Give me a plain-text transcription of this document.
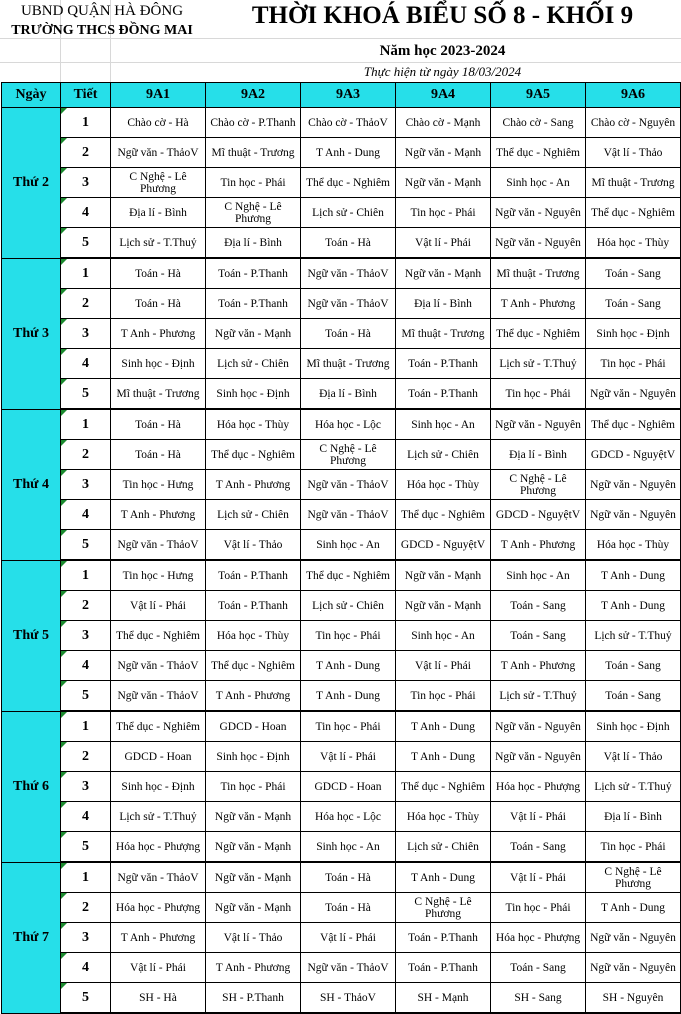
UBND QUẬN HÀ ĐÔNG
TRƯỜNG THCS ĐỒNG MAI
THỜI KHOÁ BIỂU SỐ 8 - KHỐI 9
Năm học 2023-2024
Thực hiện từ ngày 18/03/2024
Ngày	Tiết	9A1	9A2	9A3	9A4	9A5	9A6
Thứ 2	1	Chào cờ - Hà	Chào cờ - P.Thanh	Chào cờ - ThảoV	Chào cờ - Mạnh	Chào cờ - Sang	Chào cờ - Nguyên
	2	Ngữ văn - ThảoV	Mĩ thuật - Trương	T Anh - Dung	Ngữ văn - Mạnh	Thể dục - Nghiêm	Vật lí - Thảo
	3	C Nghệ - Lê Phương	Tin học - Phái	Thể dục - Nghiêm	Ngữ văn - Mạnh	Sinh học - An	Mĩ thuật - Trương
	4	Địa lí - Bình	C Nghệ - Lê Phương	Lịch sử - Chiên	Tin học - Phái	Ngữ văn - Nguyên	Thể dục - Nghiêm
	5	Lịch sử - T.Thuỷ	Địa lí - Bình	Toán - Hà	Vật lí - Phái	Ngữ văn - Nguyên	Hóa học - Thùy
Thứ 3	1	Toán - Hà	Toán - P.Thanh	Ngữ văn - ThảoV	Ngữ văn - Mạnh	Mĩ thuật - Trương	Toán - Sang
	2	Toán - Hà	Toán - P.Thanh	Ngữ văn - ThảoV	Địa lí - Bình	T Anh - Phương	Toán - Sang
	3	T Anh - Phương	Ngữ văn - Mạnh	Toán - Hà	Mĩ thuật - Trương	Thể dục - Nghiêm	Sinh học - Định
	4	Sinh học - Định	Lịch sử - Chiên	Mĩ thuật - Trương	Toán - P.Thanh	Lịch sử - T.Thuỷ	Tin học - Phái
	5	Mĩ thuật - Trương	Sinh học - Định	Địa lí - Bình	Toán - P.Thanh	Tin học - Phái	Ngữ văn - Nguyên
Thứ 4	1	Toán - Hà	Hóa học - Thùy	Hóa học - Lộc	Sinh học - An	Ngữ văn - Nguyên	Thể dục - Nghiêm
	2	Toán - Hà	Thể dục - Nghiêm	C Nghệ - Lê Phương	Lịch sử - Chiên	Địa lí - Bình	GDCD - NguyệtV
	3	Tin học - Hưng	T Anh - Phương	Ngữ văn - ThảoV	Hóa học - Thùy	C Nghệ - Lê Phương	Ngữ văn - Nguyên
	4	T Anh - Phương	Lịch sử - Chiên	Ngữ văn - ThảoV	Thể dục - Nghiêm	GDCD - NguyệtV	Ngữ văn - Nguyên
	5	Ngữ văn - ThảoV	Vật lí - Thảo	Sinh học - An	GDCD - NguyệtV	T Anh - Phương	Hóa học - Thùy
Thứ 5	1	Tin học - Hưng	Toán - P.Thanh	Thể dục - Nghiêm	Ngữ văn - Mạnh	Sinh học - An	T Anh - Dung
	2	Vật lí - Phái	Toán - P.Thanh	Lịch sử - Chiên	Ngữ văn - Mạnh	Toán - Sang	T Anh - Dung
	3	Thể dục - Nghiêm	Hóa học - Thùy	Tin học - Phái	Sinh học - An	Toán - Sang	Lịch sử - T.Thuỷ
	4	Ngữ văn - ThảoV	Thể dục - Nghiêm	T Anh - Dung	Vật lí - Phái	T Anh - Phương	Toán - Sang
	5	Ngữ văn - ThảoV	T Anh - Phương	T Anh - Dung	Tin học - Phái	Lịch sử - T.Thuỷ	Toán - Sang
Thứ 6	1	Thể dục - Nghiêm	GDCD - Hoan	Tin học - Phái	T Anh - Dung	Ngữ văn - Nguyên	Sinh học - Định
	2	GDCD - Hoan	Sinh học - Định	Vật lí - Phái	T Anh - Dung	Ngữ văn - Nguyên	Vật lí - Thảo
	3	Sinh học - Định	Tin học - Phái	GDCD - Hoan	Thể dục - Nghiêm	Hóa học - Phượng	Lịch sử - T.Thuỷ
	4	Lịch sử - T.Thuỷ	Ngữ văn - Mạnh	Hóa học - Lộc	Hóa học - Thùy	Vật lí - Phái	Địa lí - Bình
	5	Hóa học - Phượng	Ngữ văn - Mạnh	Sinh học - An	Lịch sử - Chiên	Toán - Sang	Tin học - Phái
Thứ 7	1	Ngữ văn - ThảoV	Ngữ văn - Mạnh	Toán - Hà	T Anh - Dung	Vật lí - Phái	C Nghệ - Lê Phương
	2	Hóa học - Phượng	Ngữ văn - Mạnh	Toán - Hà	C Nghệ - Lê Phương	Tin học - Phái	T Anh - Dung
	3	T Anh - Phương	Vật lí - Thảo	Vật lí - Phái	Toán - P.Thanh	Hóa học - Phượng	Ngữ văn - Nguyên
	4	Vật lí - Phái	T Anh - Phương	Ngữ văn - ThảoV	Toán - P.Thanh	Toán - Sang	Ngữ văn - Nguyên
	5	SH - Hà	SH - P.Thanh	SH - ThảoV	SH - Mạnh	SH - Sang	SH - Nguyên
